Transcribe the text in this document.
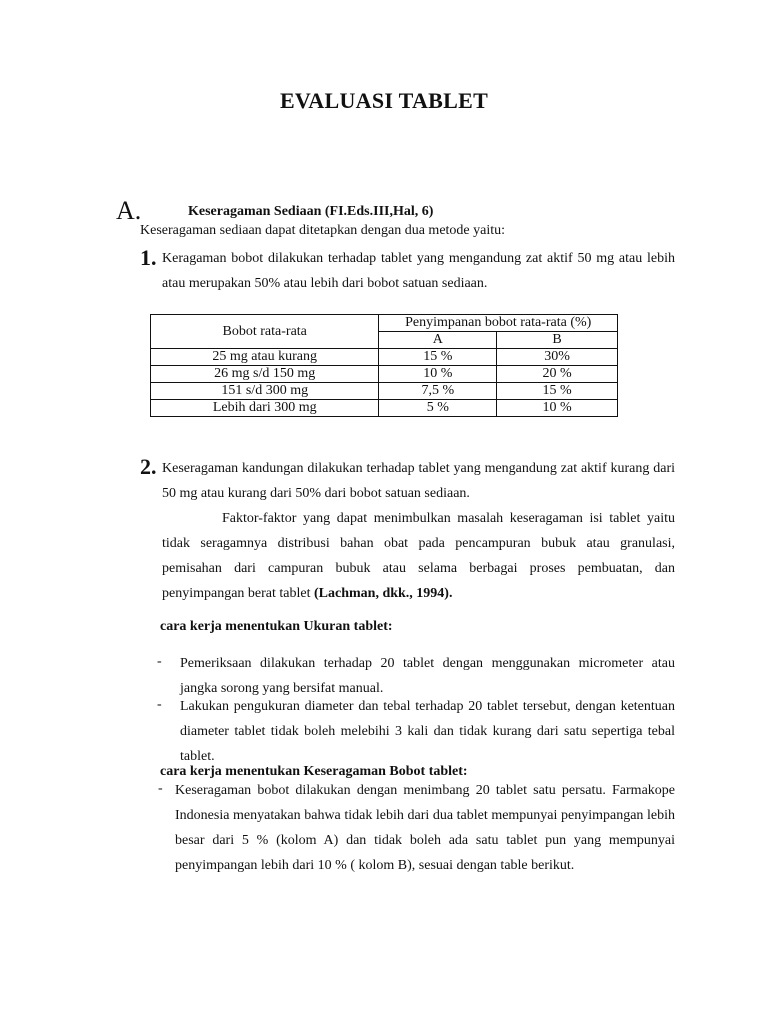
EVALUASI TABLET
A.	Keseragaman Sediaan (FI.Eds.III,Hal, 6)
Keseragaman sediaan dapat ditetapkan dengan dua metode yaitu:
1. Keragaman bobot dilakukan terhadap tablet yang mengandung zat aktif 50 mg atau lebih atau merupakan 50% atau lebih dari bobot satuan sediaan.
Bobot rata-rata	Penyimpanan bobot rata-rata (%)	
	A	B
25 mg atau kurang	15 %	30%
26 mg s/d 150 mg	10 %	20 %
151 s/d 300 mg	7,5 %	15 %
Lebih dari 300 mg	5 %	10 %
2. Keseragaman kandungan dilakukan terhadap tablet yang mengandung zat aktif kurang dari 50 mg atau kurang dari 50% dari bobot satuan sediaan.
Faktor-faktor yang dapat menimbulkan masalah keseragaman isi tablet yaitu tidak seragamnya distribusi bahan obat pada pencampuran bubuk atau granulasi, pemisahan dari campuran bubuk atau selama berbagai proses pembuatan, dan penyimpangan berat tablet (Lachman, dkk., 1994).
cara kerja menentukan Ukuran tablet:
- Pemeriksaan dilakukan terhadap 20 tablet dengan menggunakan micrometer atau jangka sorong yang bersifat manual.
- Lakukan pengukuran diameter dan tebal terhadap 20 tablet tersebut, dengan ketentuan diameter tablet tidak boleh melebihi 3 kali dan tidak kurang dari satu sepertiga tebal tablet.
cara kerja menentukan Keseragaman Bobot tablet:
- Keseragaman bobot dilakukan dengan menimbang 20 tablet satu persatu. Farmakope Indonesia menyatakan bahwa tidak lebih dari dua tablet mempunyai penyimpangan lebih besar dari 5 % (kolom A) dan tidak boleh ada satu tablet pun yang mempunyai penyimpangan lebih dari 10 % ( kolom B), sesuai dengan table berikut.
